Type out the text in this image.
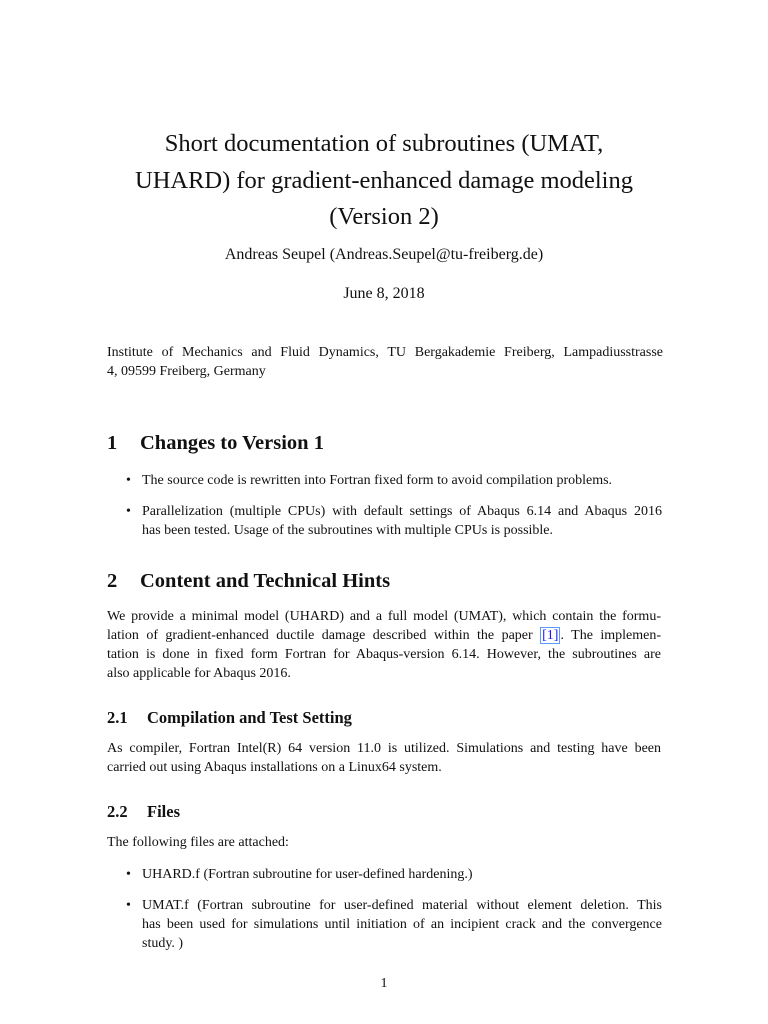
Short documentation of subroutines (UMAT,
UHARD) for gradient-enhanced damage modeling
(Version 2)
Andreas Seupel (Andreas.Seupel@tu-freiberg.de)
June 8, 2018
Institute of Mechanics and Fluid Dynamics, TU Bergakademie Freiberg, Lampadiusstrasse
4, 09599 Freiberg, Germany
1 Changes to Version 1
• The source code is rewritten into Fortran fixed form to avoid compilation problems.
• Parallelization (multiple CPUs) with default settings of Abaqus 6.14 and Abaqus 2016
has been tested. Usage of the subroutines with multiple CPUs is possible.
2 Content and Technical Hints
We provide a minimal model (UHARD) and a full model (UMAT), which contain the formu-
lation of gradient-enhanced ductile damage described within the paper [1] . The implemen-
tation is done in fixed form Fortran for Abaqus-version 6.14. However, the subroutines are
also applicable for Abaqus 2016.
2.1 Compilation and Test Setting
As compiler, Fortran Intel(R) 64 version 11.0 is utilized. Simulations and testing have been
carried out using Abaqus installations on a Linux64 system.
2.2 Files
The following files are attached:
• UHARD.f (Fortran subroutine for user-defined hardening.)
• UMAT.f (Fortran subroutine for user-defined material without element deletion. This
has been used for simulations until initiation of an incipient crack and the convergence
study. )
1
